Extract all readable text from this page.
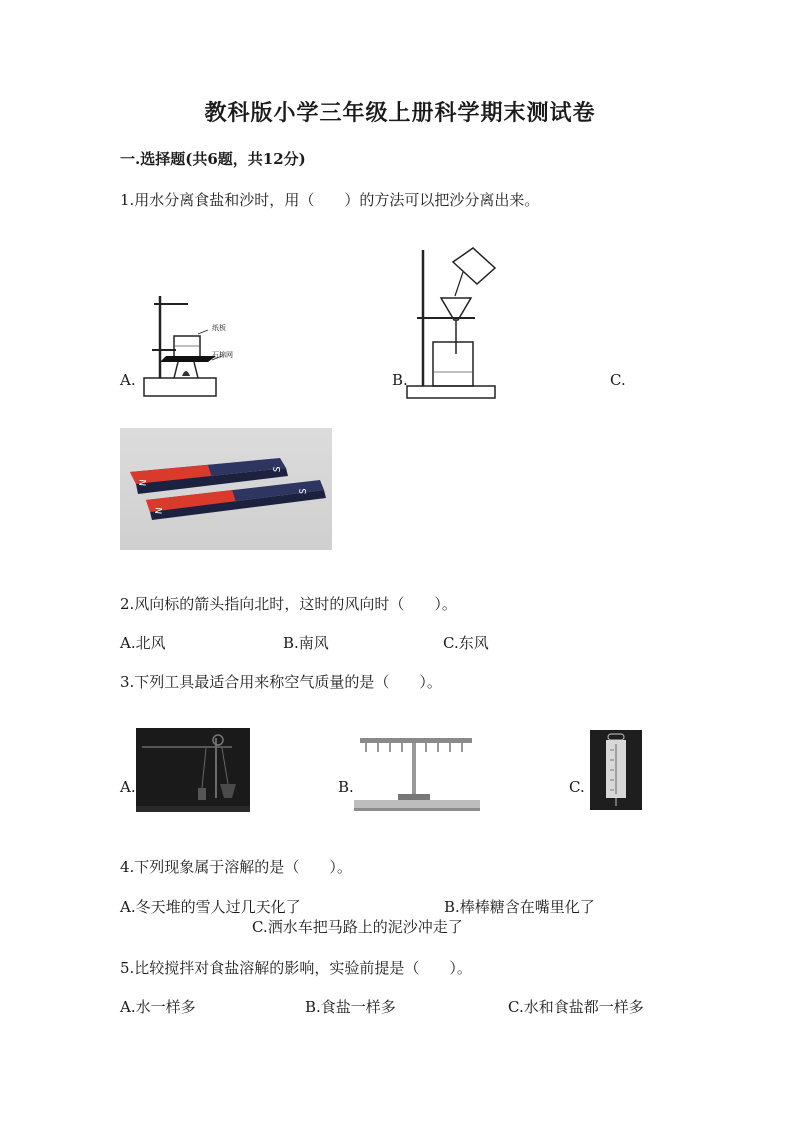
教科版小学三年级上册科学期末测试卷
一.选择题(共6题，共12分)
1.用水分离食盐和沙时，用（　　）的方法可以把沙分离出来。
A.
纸板
石棉网
B.	C.
S
N
S
N
2.风向标的箭头指向北时，这时的风向时（　　）。
A.北风	B.南风	C.东风
3.下列工具最适合用来称空气质量的是（　　）。
A.	B.	C.
4.下列现象属于溶解的是（　　）。
A.冬天堆的雪人过几天化了	B.棒棒糖含在嘴里化了
C.洒水车把马路上的泥沙冲走了
5.比较搅拌对食盐溶解的影响，实验前提是（　　）。
A.水一样多	B.食盐一样多	C.水和食盐都一样多
